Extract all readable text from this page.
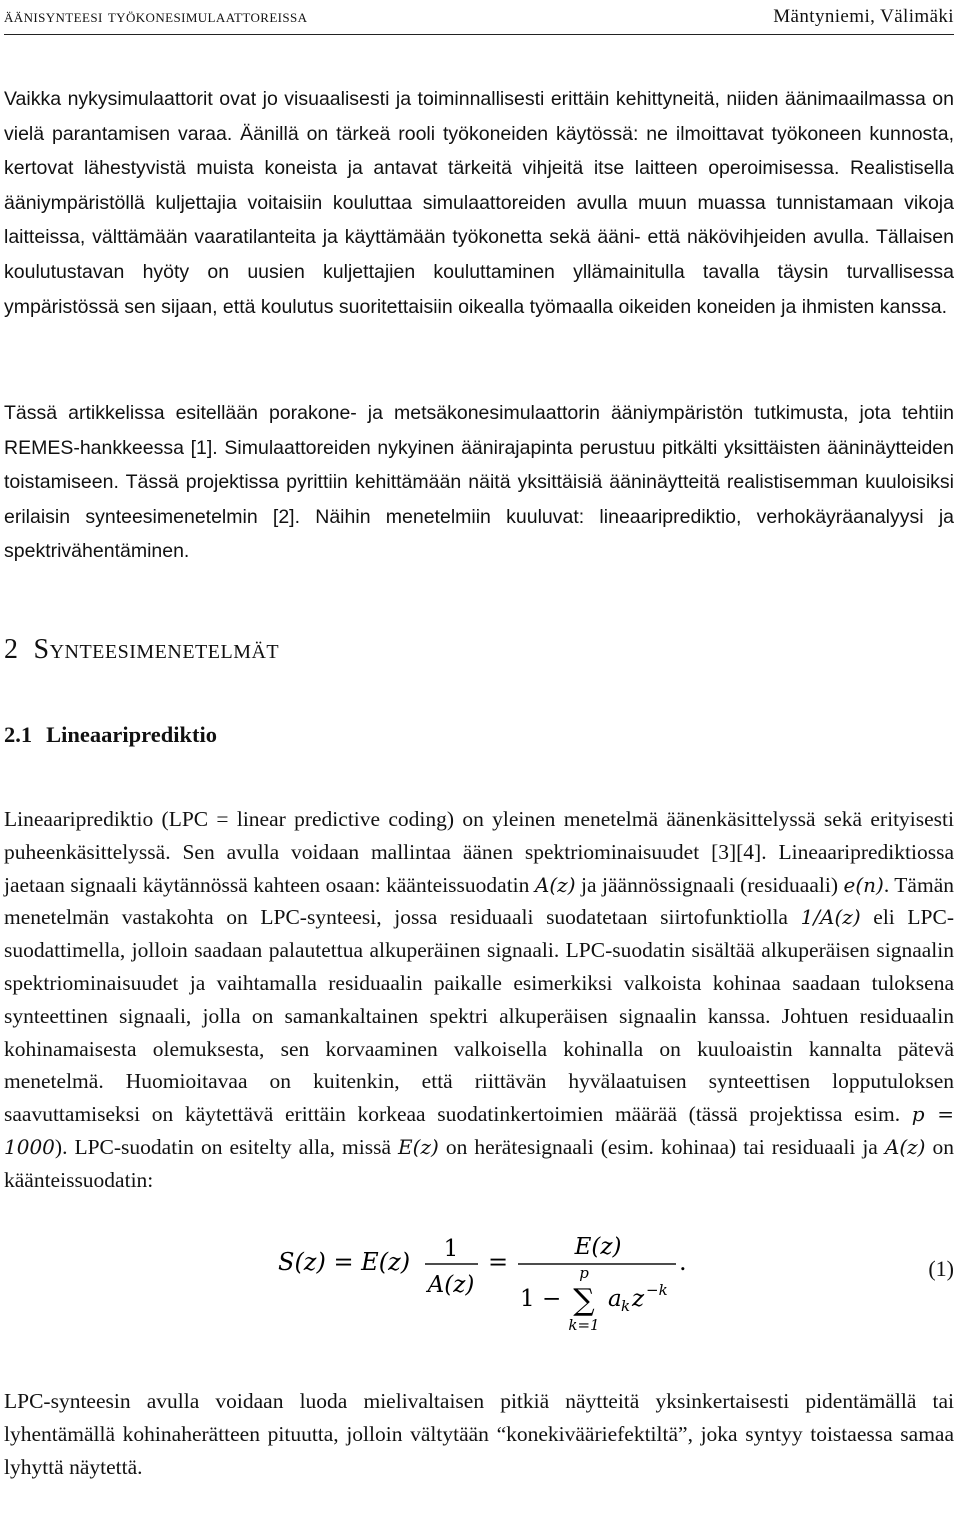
äänisynteesi työkonesimulaattoreissa	Mäntyniemi, Välimäki

Vaikka nykysimulaattorit ovat jo visuaalisesti ja toiminnallisesti erittäin kehittyneitä, niiden äänimaailmassa on vielä parantamisen varaa. Äänillä on tärkeä rooli työkoneiden käytössä: ne ilmoittavat työkoneen kunnosta, kertovat lähestyvistä muista koneista ja antavat tärkeitä vihjeitä itse laitteen operoimisessa. Realistisella ääniympäristöllä kuljettajia voitaisiin kouluttaa simulaattoreiden avulla muun muassa tunnistamaan vikoja laitteissa, välttämään vaaratilanteita ja käyttämään työkonetta sekä ääni- että näkövihjeiden avulla. Tällaisen koulutustavan hyöty on uusien kuljettajien kouluttaminen yllämainitulla tavalla täysin turvallisessa ympäristössä sen sijaan, että koulutus suoritettaisiin oikealla työmaalla oikeiden koneiden ja ihmisten kanssa.

Tässä artikkelissa esitellään porakone- ja metsäkonesimulaattorin ääniympäristön tutkimusta, jota tehtiin REMES-hankkeessa [1]. Simulaattoreiden nykyinen äänirajapinta perustuu pitkälti yksittäisten ääninäytteiden toistamiseen. Tässä projektissa pyrittiin kehittämään näitä yksittäisiä ääninäytteitä realistisemman kuuloisiksi erilaisin synteesimenetelmin [2]. Näihin menetelmiin kuuluvat: lineaariprediktio, verhokäyräanalyysi ja spektrivähentäminen.

2 Synteesimenetelmät
2.1 Lineaariprediktio

Lineaariprediktio (LPC = linear predictive coding) on yleinen menetelmä äänenkäsittelyssä sekä erityisesti puheenkäsittelyssä. Sen avulla voidaan mallintaa äänen spektriominaisuudet [3][4]. Lineaariprediktiossa jaetaan signaali käytännössä kahteen osaan: käänteissuodatin A(z) ja jäännössignaali (residuaali) e(n). Tämän menetelmän vastakohta on LPC-synteesi, jossa residuaali suodatetaan siirtofunktiolla 1/A(z) eli LPC-suodattimella, jolloin saadaan palautettua alkuperäinen signaali. LPC-suodatin sisältää alkuperäisen signaalin spektriominaisuudet ja vaihtamalla residuaalin paikalle esimerkiksi valkoista kohinaa saadaan tuloksena synteettinen signaali, jolla on samankaltainen spektri alkuperäisen signaalin kanssa. Johtuen residuaalin kohinamaisesta olemuksesta, sen korvaaminen valkoisella kohinalla on kuuloaistin kannalta pätevä menetelmä. Huomioitavaa on kuitenkin, että riittävän hyvälaatuisen synteettisen lopputuloksen saavuttamiseksi on käytettävä erittäin korkeaa suodatinkertoimien määrää (tässä projektissa esim. p = 1000). LPC-suodatin on esitelty alla, missä E(z) on herätesignaali (esim. kohinaa) tai residuaali ja A(z) on käänteissuodatin:

S(z) = E(z) 1
A(z)
=
E(z)
1 −
p
∑
k=1
a k z −k
.	(1)

LPC-synteesin avulla voidaan luoda mielivaltaisen pitkiä näytteitä yksinkertaisesti pidentämällä tai lyhentämällä kohinaherätteen pituutta, jolloin vältytään “konekivääriefektiltä”, joka syntyy toistaessa samaa lyhyttä näytettä.
